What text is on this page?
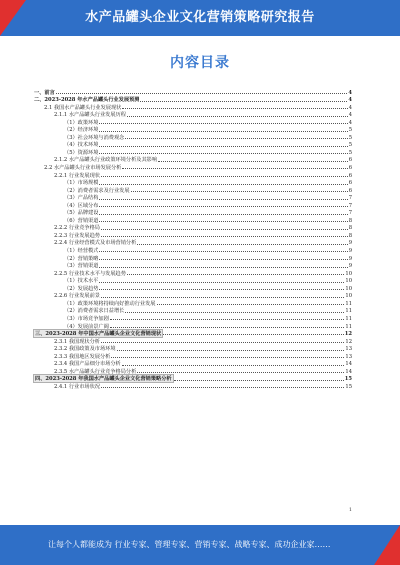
水产品罐头企业文化营销策略研究报告
内容目录
一、前言	4
二、2023-2028 年水产品罐头行业发展预测	4
2.1 我国水产品罐头行业发展现状	4
2.1.1 水产品罐头行业发展历程	4
（1）政策环境	4
（2）经济环境	5
（3）社会环境与消费观念	5
（4）技术环境	5
（5）资源环境	5
2.1.2 水产品罐头行业政策环境分析及其影响	6
2.2 水产品罐头行业市场发展分析	6
2.2.1 行业发展现状	6
（1）市场规模	6
（2）消费者需求及行业发展	6
（3）产品结构	7
（4）区域分布	7
（5）品牌建设	7
（6）营销渠道	8
2.2.2 行业竞争格局	8
2.2.3 行业发展趋势	8
2.2.4 行业经营模式及市场营销分析	9
（1）经营模式	9
（2）营销策略	9
（3）营销渠道	9
2.2.5 行业技术水平与发展趋势	10
（1）技术水平	10
（2）发展趋势	10
2.2.6 行业发展前景	10
（1）政策环境将持续向好推动行业发展	11
（2）消费者需求日益增长	11
（3）市场竞争加剧	11
（4）发展前景广阔	11
三、2023-2028 年中国水产品罐头企业文化营销现状	12
2.3.1 我国现状分析	12
2.3.2 我国政策及市场环境	13
2.3.3 我国地区发展分析	13
2.3.4 我国产品细分市场分析	14
2.3.5 水产品罐头行业竞争格局分析	14
四、2023-2028 年我国水产品罐头企业文化营销策略分析	15
2.4.1 行业市场状况	15
1
让每个人都能成为 行业专家、管理专家、营销专家、战略专家、成功企业家……
